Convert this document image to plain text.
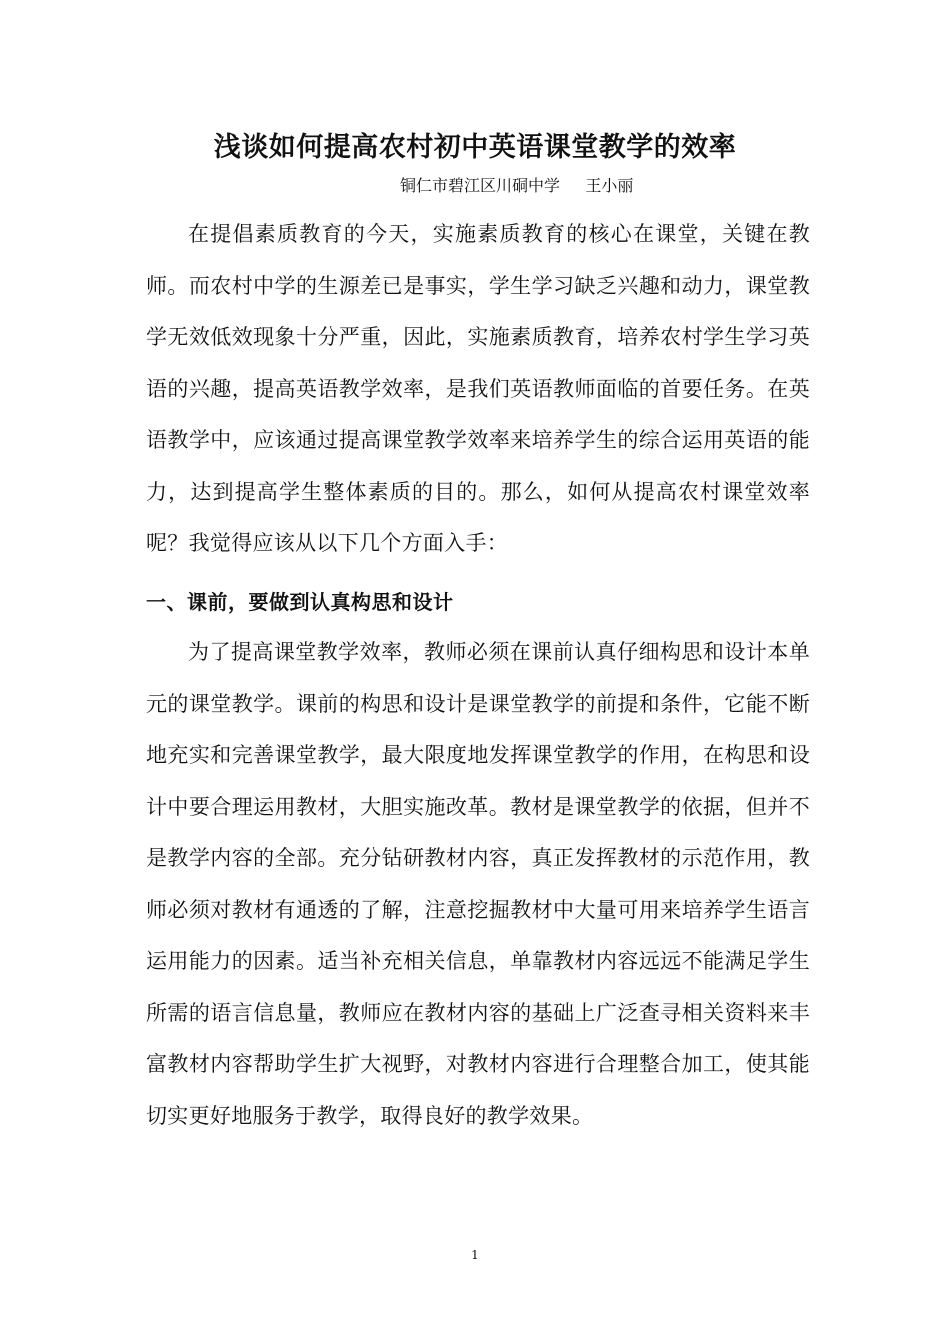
浅谈如何提高农村初中英语课堂教学的效率
铜仁市碧江区川硐中学     王小丽

在提倡素质教育的今天，实施素质教育的核心在课堂，关键在教师。而农村中学的生源差已是事实，学生学习缺乏兴趣和动力，课堂教学无效低效现象十分严重，因此，实施素质教育，培养农村学生学习英语的兴趣，提高英语教学效率，是我们英语教师面临的首要任务。在英语教学中，应该通过提高课堂教学效率来培养学生的综合运用英语的能力，达到提高学生整体素质的目的。那么，如何从提高农村课堂效率呢？我觉得应该从以下几个方面入手：

一、课前，要做到认真构思和设计

为了提高课堂教学效率，教师必须在课前认真仔细构思和设计本单元的课堂教学。课前的构思和设计是课堂教学的前提和条件，它能不断地充实和完善课堂教学，最大限度地发挥课堂教学的作用，在构思和设计中要合理运用教材，大胆实施改革。教材是课堂教学的依据，但并不是教学内容的全部。充分钻研教材内容，真正发挥教材的示范作用，教师必须对教材有通透的了解，注意挖掘教材中大量可用来培养学生语言运用能力的因素。适当补充相关信息，单靠教材内容远远不能满足学生所需的语言信息量，教师应在教材内容的基础上广泛查寻相关资料来丰富教材内容帮助学生扩大视野，对教材内容进行合理整合加工，使其能切实更好地服务于教学，取得良好的教学效果。

1
